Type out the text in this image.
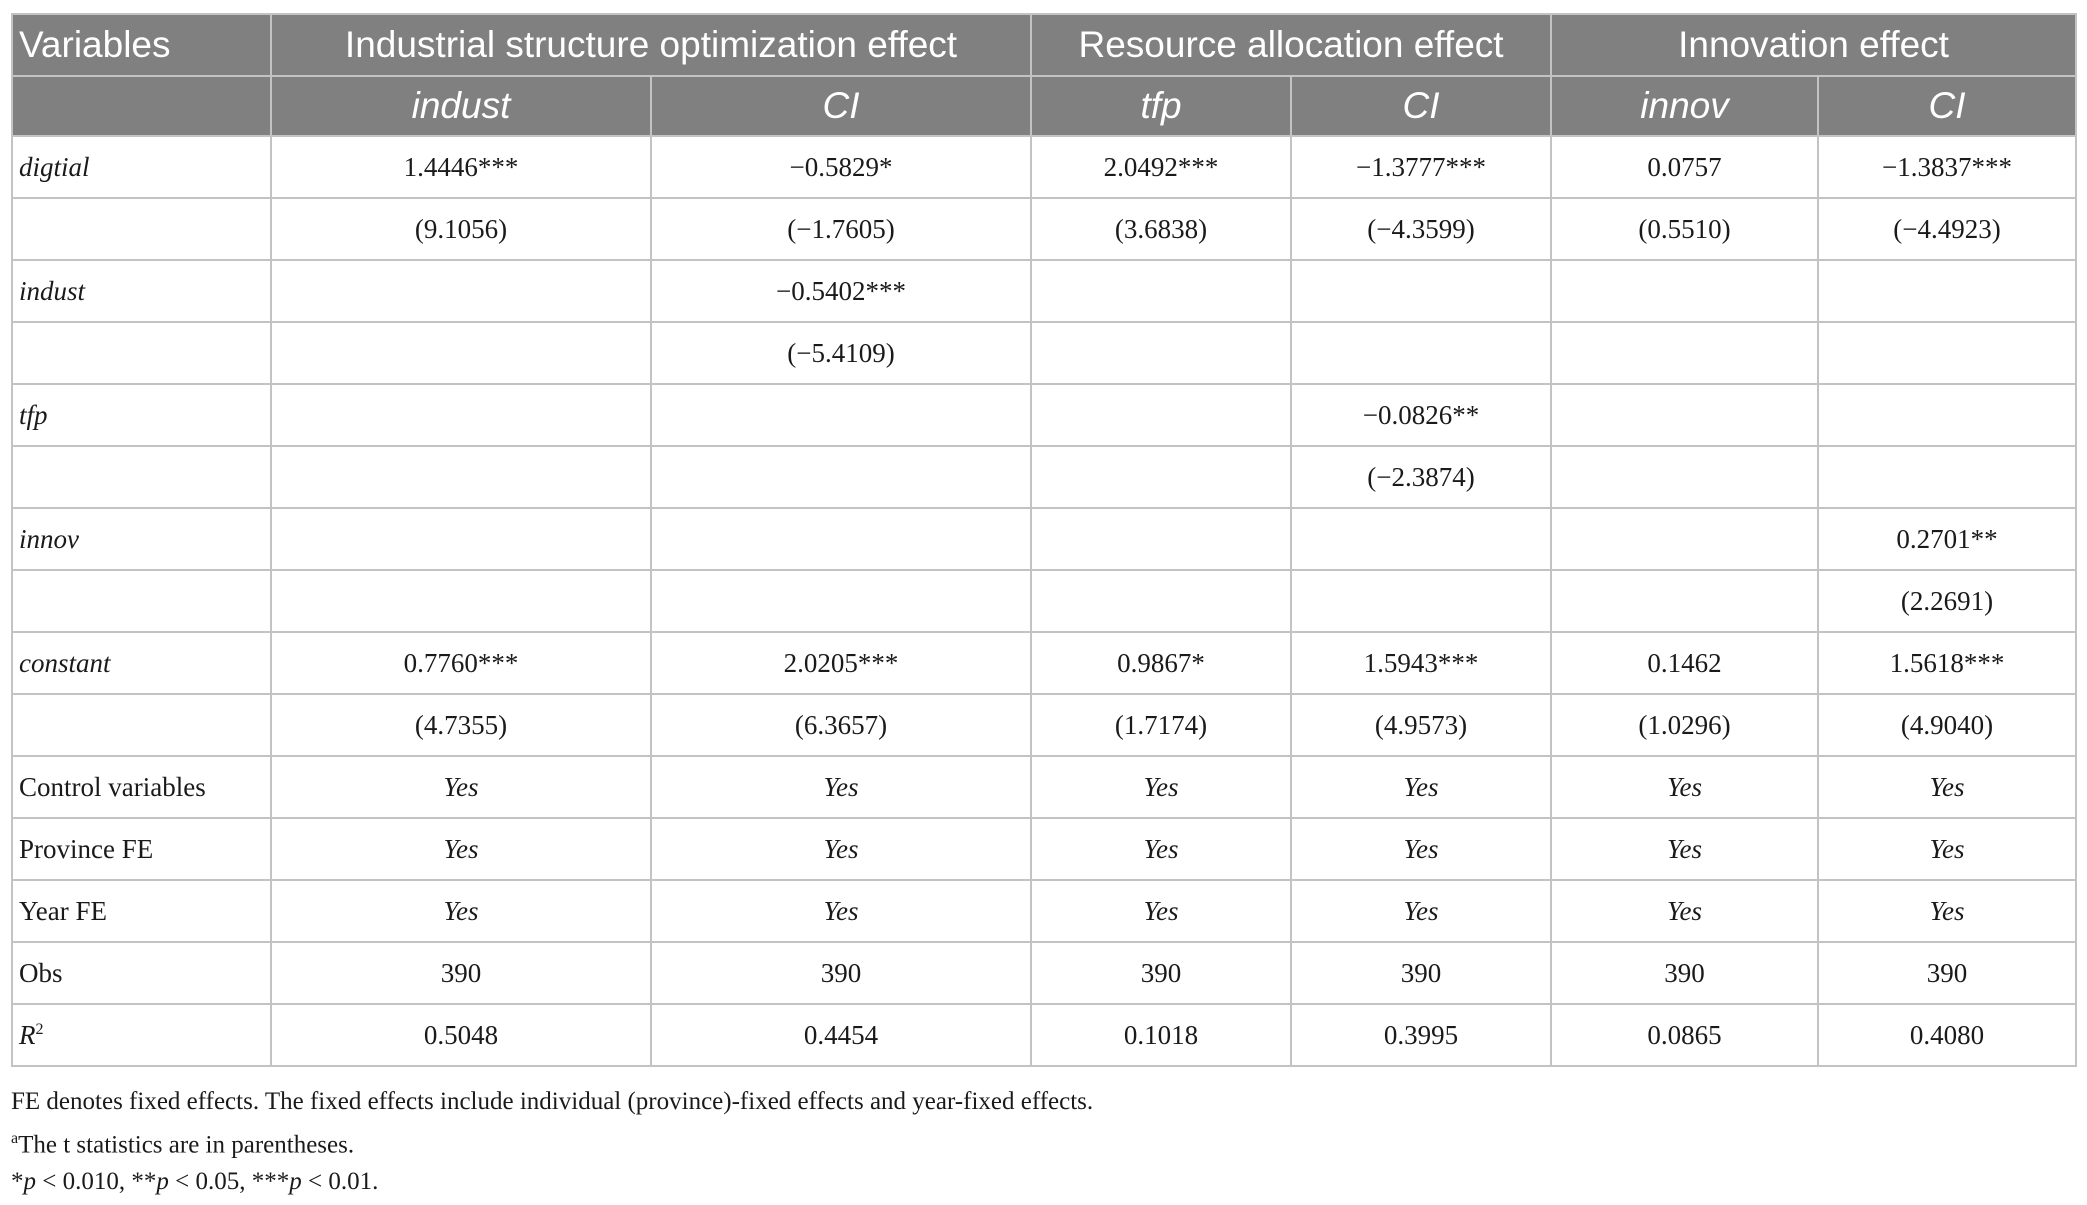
Variables	Industrial structure optimization effect		Resource allocation effect		Innovation effect	
	indust	CI	tfp	CI	innov	CI
digtial	1.4446***	−0.5829*	2.0492***	−1.3777***	0.0757	−1.3837***
	(9.1056)	(−1.7605)	(3.6838)	(−4.3599)	(0.5510)	(−4.4923)
indust		−0.5402***				
		(−5.4109)				
tfp				−0.0826**		
				(−2.3874)		
innov						0.2701**
						(2.2691)
constant	0.7760***	2.0205***	0.9867*	1.5943***	0.1462	1.5618***
	(4.7355)	(6.3657)	(1.7174)	(4.9573)	(1.0296)	(4.9040)
Control variables	Yes	Yes	Yes	Yes	Yes	Yes
Province FE	Yes	Yes	Yes	Yes	Yes	Yes
Year FE	Yes	Yes	Yes	Yes	Yes	Yes
Obs	390	390	390	390	390	390
$R^2$	0.5048	0.4454	0.1018	0.3995	0.0865	0.4080
FE denotes fixed effects. The fixed effects include individual (province)-fixed effects and year-fixed effects.
$^a$The t statistics are in parentheses.
*p < 0.010, **p < 0.05, ***p < 0.01.
